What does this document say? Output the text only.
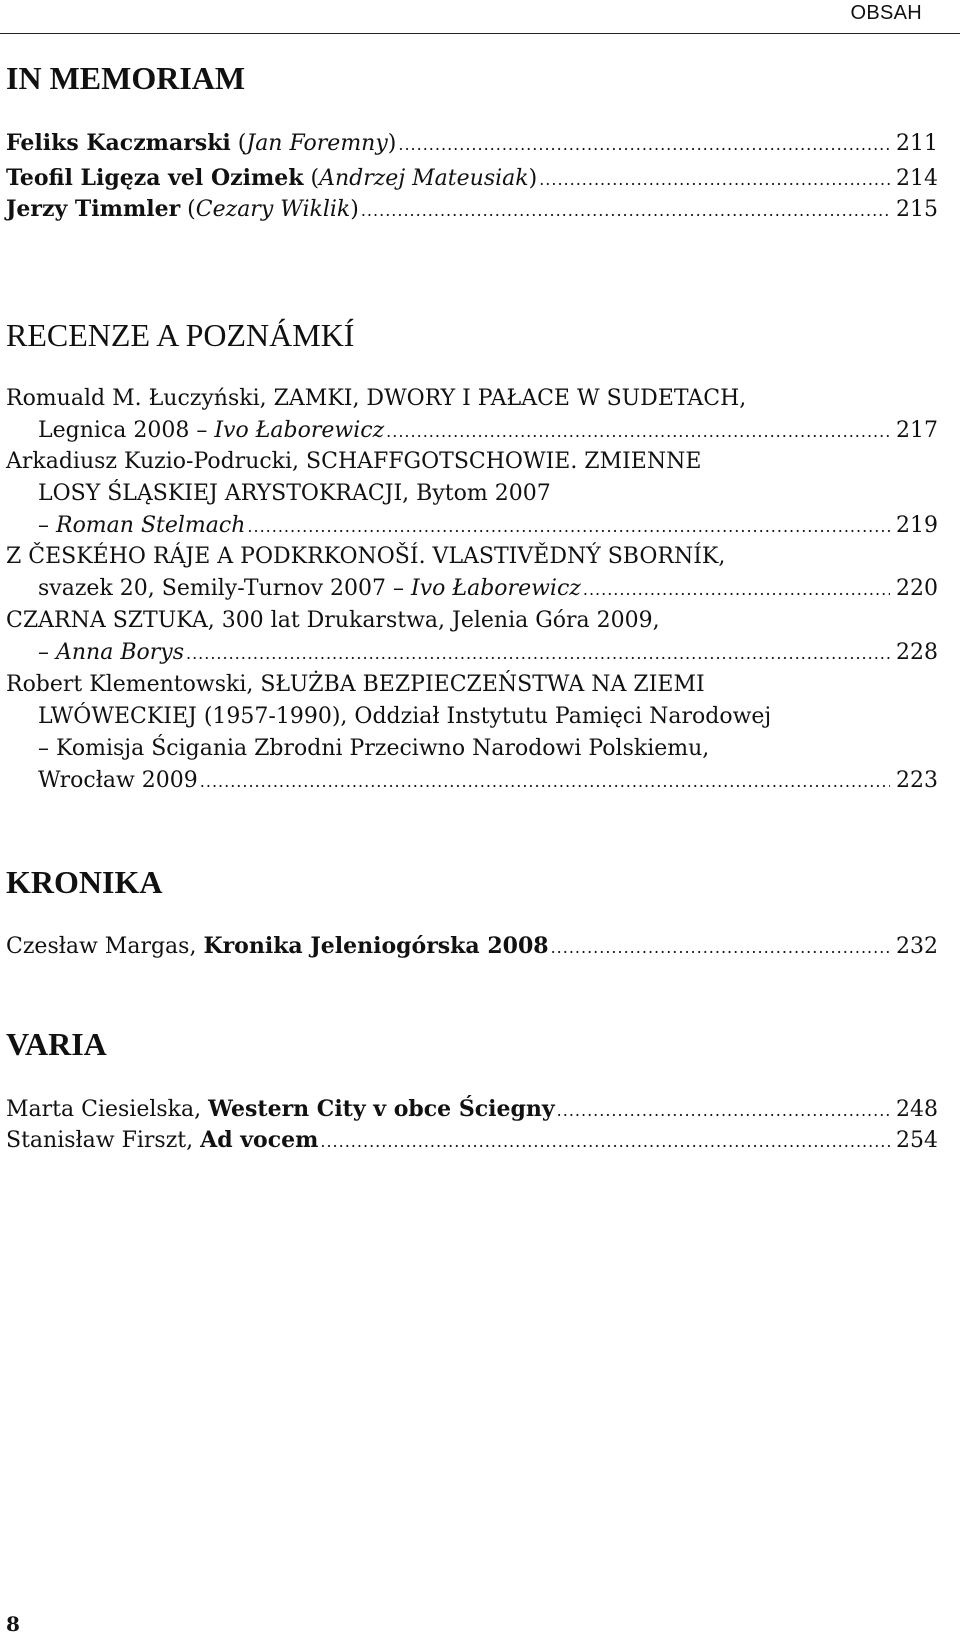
OBSAH
IN MEMORIAM
Feliks Kaczmarski (Jan Foremny) .....	211
Teofil Ligęza vel Ozimek (Andrzej Mateusiak) .....	214
Jerzy Timmler (Cezary Wiklik) .....	215
RECENZE A POZNÁMKÍ
Romuald M. Łuczyński, ZAMKI, DWORY I PAŁACE W SUDETACH,
Legnica 2008 – Ivo Łaborewicz .....	217
Arkadiusz Kuzio-Podrucki, SCHAFFGOTSCHOWIE. ZMIENNE
LOSY ŚLĄSKIEJ ARYSTOKRACJI, Bytom 2007
– Roman Stelmach .....	219
Z ČESKÉHO RÁJE A PODKRKONOŠÍ. VLASTIVĚDNÝ SBORNÍK,
svazek 20, Semily-Turnov 2007 – Ivo Łaborewicz .....	220
CZARNA SZTUKA, 300 lat Drukarstwa, Jelenia Góra 2009,
– Anna Borys .....	228
Robert Klementowski, SŁUŻBA BEZPIECZEŃSTWA NA ZIEMI
LWÓWECKIEJ (1957-1990), Oddział Instytutu Pamięci Narodowej
– Komisja Ścigania Zbrodni Przeciwno Narodowi Polskiemu,
Wrocław 2009 .....	223
KRONIKA
Czesław Margas, Kronika Jeleniogórska 2008 .....	232
VARIA
Marta Ciesielska, Western City v obce Ściegny .....	248
Stanisław Firszt, Ad vocem .....	254
8
